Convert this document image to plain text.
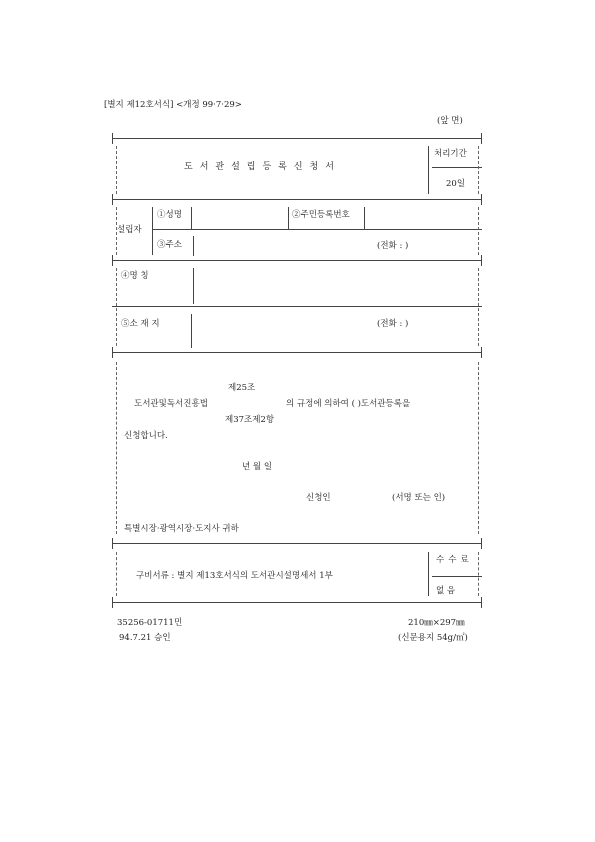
[별지 제12호서식] <개정 99·7·29>
(앞 면)
도서관설립등록신청서
처리기간
20일
설립자
①성명	②주민등록번호
③주소	(전화 : )
④명 칭
⑤소 재 지	(전화 : )
제25조
도서관및독서진흥법	의 규정에 의하여 ( )도서관등록을
제37조제2항
신청합니다.
년 월 일
신청인	(서명 또는 인)
특별시장·광역시장·도지사 귀하
구비서류 : 별지 제13호서식의 도서관시설명세서 1부
수수료
없 음
35256-01711민
94.7.21 승인
210㎜×297㎜
(신문용지 54g/㎡)
